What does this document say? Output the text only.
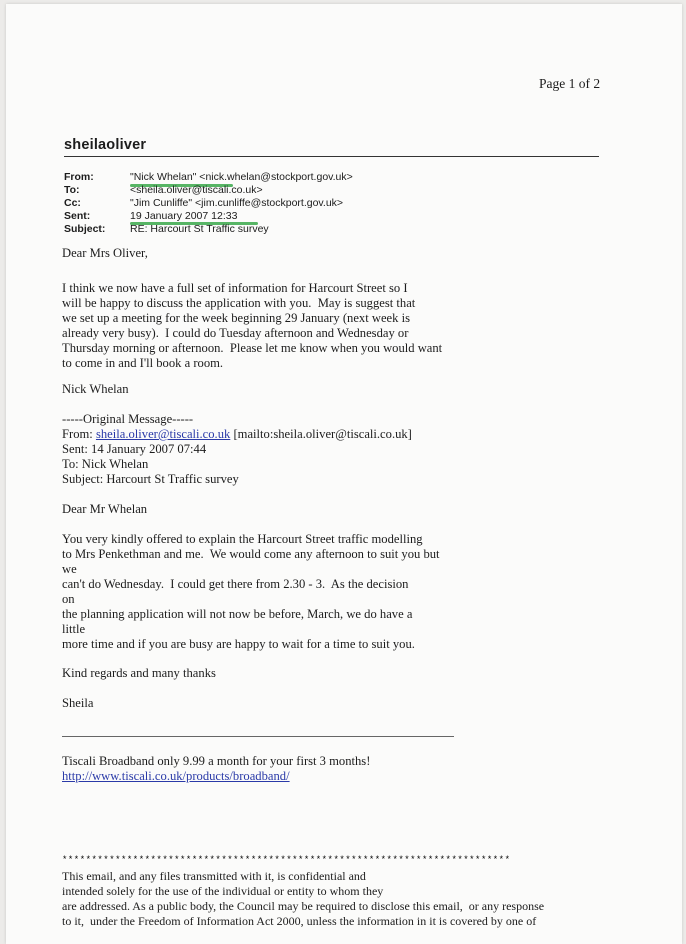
Page 1 of 2
sheilaoliver
From:	"Nick Whelan" <nick.whelan@stockport.gov.uk>
To:	<sheila.oliver@tiscali.co.uk>
Cc:	"Jim Cunliffe" <jim.cunliffe@stockport.gov.uk>
Sent:	19 January 2007 12:33
Subject: RE: Harcourt St Traffic survey
Dear Mrs Oliver,
I think we now have a full set of information for Harcourt Street so I
will be happy to discuss the application with you.  May is suggest that
we set up a meeting for the week beginning 29 January (next week is
already very busy).  I could do Tuesday afternoon and Wednesday or
Thursday morning or afternoon.  Please let me know when you would want
to come in and I'll book a room.
Nick Whelan
-----Original Message-----
From: sheila.oliver@tiscali.co.uk [mailto:sheila.oliver@tiscali.co.uk]
Sent: 14 January 2007 07:44
To: Nick Whelan
Subject: Harcourt St Traffic survey
Dear Mr Whelan
You very kindly offered to explain the Harcourt Street traffic modelling
to Mrs Penkethman and me.  We would come any afternoon to suit you but
we
can't do Wednesday.  I could get there from 2.30 - 3.  As the decision
on
the planning application will not now be before, March, we do have a
little
more time and if you are busy are happy to wait for a time to suit you.
Kind regards and many thanks
Sheila
Tiscali Broadband only 9.99 a month for your first 3 months!
http://www.tiscali.co.uk/products/broadband/
****************************************************************************
This email, and any files transmitted with it, is confidential and
intended solely for the use of the individual or entity to whom they
are addressed. As a public body, the Council may be required to disclose this email,  or any response
to it,  under the Freedom of Information Act 2000, unless the information in it is covered by one of
